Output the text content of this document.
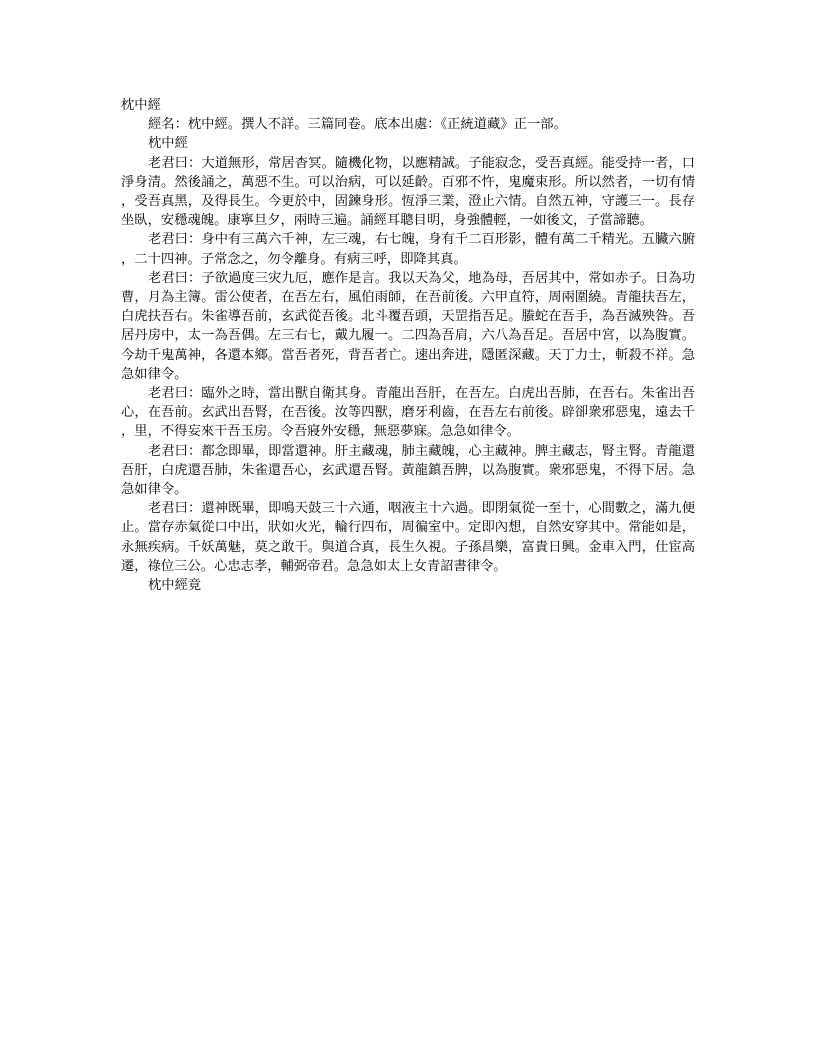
枕中經

經名：枕中經。撰人不詳。三篇同卷。底本出處：《正統道藏》正一部。

枕中經

老君曰：大道無形，常居杳冥。隨機化物，以應精誠。子能寂念，受吾真經。能受持一者，口淨身清。然後誦之，萬惡不生。可以治病，可以延齡。百邪不忤，鬼魔束形。所以然者，一切有情，受吾真黑，及得長生。今更於中，固鍊身形。恆淨三業，澄止六情。自然五神，守護三一。長存坐臥，安穩魂魄。康寧旦夕，兩時三遍。誦經耳聰目明，身強體輕，一如後文，子當諦聽。

老君曰：身中有三萬六千神，左三魂，右七魄，身有千二百形影，體有萬二千精光。五臟六腑，二十四神。子常念之，勿令離身。有病三呼，即降其真。

老君曰：子欲過度三灾九厄，應作是言。我以天為父，地為母，吾居其中，常如赤子。日為功曹，月為主簿。雷公使者，在吾左右，風伯雨師，在吾前後。六甲直符，周兩圍繞。青龍扶吾左，白虎扶吾右。朱雀導吾前，玄武從吾後。北斗覆吾頭，天罡指吾足。螣蛇在吾手，為吾滅殃咎。吾居丹房中，太一為吾偶。左三右七，戴九履一。二四為吾肩，六八為吾足。吾居中宮，以為腹實。今劫千鬼萬神，各還本鄉。當吾者死，背吾者亡。速出奔进，隱匿深藏。天丁力士，斬殺不祥。急急如律令。

老君曰：臨外之時，當出獸自衛其身。青龍出吾肝，在吾左。白虎出吾肺，在吾右。朱雀出吾心，在吾前。玄武出吾腎，在吾後。汝等四獸，磨牙利齒，在吾左右前後。辟卻衆邪惡鬼，遠去千，里，不得妄來干吾玉房。令吾寢外安穩，無惡夢寐。急急如律令。

老君曰：都念即畢，即當還神。肝主藏魂，肺主藏魄，心主藏神。脾主藏志，腎主腎。青龍還吾肝，白虎還吾肺，朱雀還吾心，玄武還吾腎。黃龍鎮吾脾，以為腹實。衆邪惡鬼，不得下居。急急如律令。

老君曰：還神既畢，即鳴天鼓三十六通，咽液主十六過。即閉氣從一至十，心間數之，滿九便止。當存赤氣從口中出，狀如火光，輪行四布，周徧室中。定即內想，自然安穿其中。常能如是，永無疾病。千妖萬魅，莫之敢干。與道合真，長生久視。子孫昌樂，富貴日興。金車入門，仕宦高遷，祿位三公。心忠志孝，輔弼帝君。急急如太上女青詔書律令。

枕中經竟
